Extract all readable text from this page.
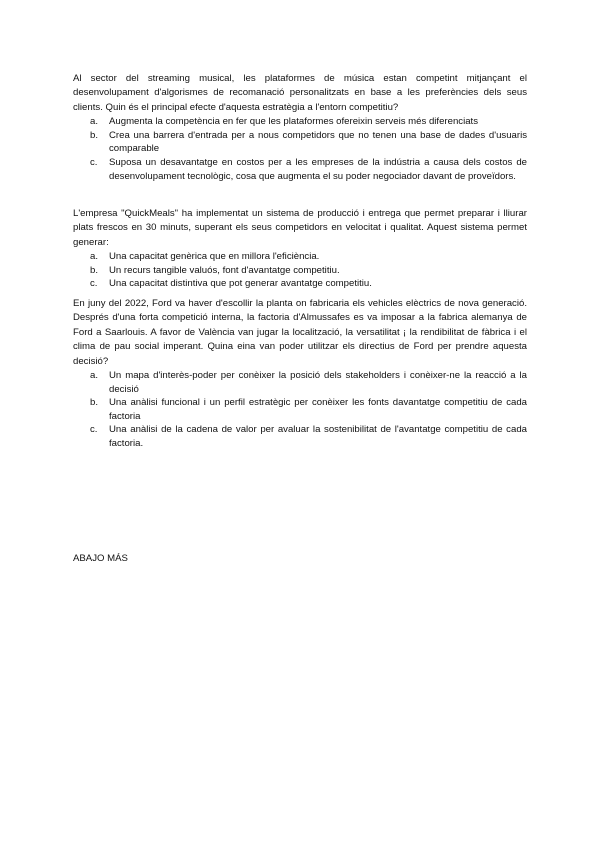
Al sector del streaming musical, les plataformes de música estan competint mitjançant el desenvolupament d'algorismes de recomanació personalitzats en base a les preferències dels seus clients. Quin és el principal efecte d'aquesta estratègia a l'entorn competitiu?

a. Augmenta la competència en fer que les plataformes ofereixin serveis més diferenciats
b. Crea una barrera d'entrada per a nous competidors que no tenen una base de dades d'usuaris comparable
c. Suposa un desavantatge en costos per a les empreses de la indústria a causa dels costos de desenvolupament tecnològic, cosa que augmenta el su poder negociador davant de proveïdors.

L'empresa "QuickMeals" ha implementat un sistema de producció i entrega que permet preparar i lliurar plats frescos en 30 minuts, superant els seus competidors en velocitat i qualitat. Aquest sistema permet generar:

a. Una capacitat genèrica que en millora l'eficiència.
b. Un recurs tangible valuós, font d'avantatge competitiu.
c. Una capacitat distintiva que pot generar avantatge competitiu.

En juny del 2022, Ford va haver d'escollir la planta on fabricaria els vehicles elèctrics de nova generació. Després d'una forta competició interna, la factoria d'Almussafes es va imposar a la fabrica alemanya de Ford a Saarlouis. A favor de València van jugar la localització, la versatilitat ¡ la rendibilitat de fàbrica i el clima de pau social imperant. Quina eina van poder utilitzar els directius de Ford per prendre aquesta decisió?

a. Un mapa d'interès-poder per conèixer la posició dels stakeholders i conèixer-ne la reacció a la decisió
b. Una anàlisi funcional i un perfil estratègic per conèixer les fonts davantatge competitiu de cada factoria
c. Una anàlisi de la cadena de valor per avaluar la sostenibilitat de l'avantatge competitiu de cada factoria.
ABAJO MÁS
